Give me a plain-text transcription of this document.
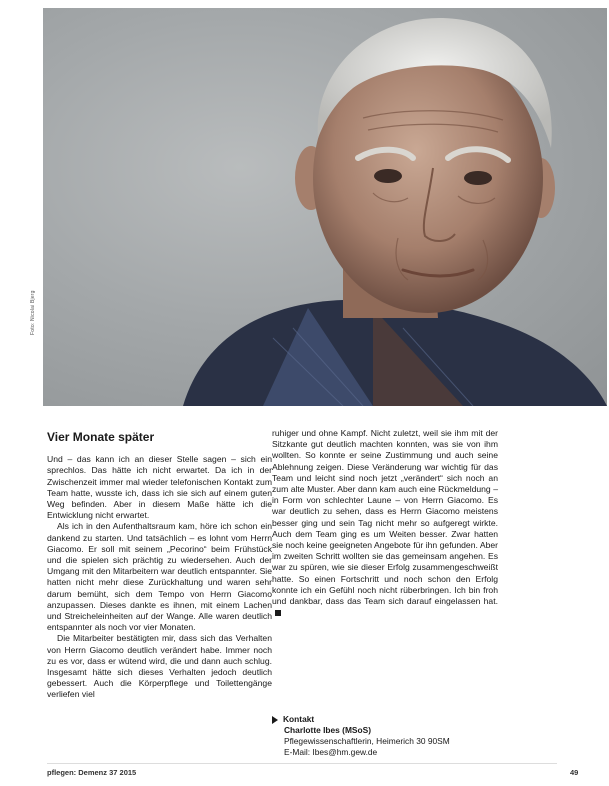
Foto: Nicolai Bjerg
Vier Monate später

Und – das kann ich an dieser Stelle sagen – sich ein sprechlos. Das hätte ich nicht erwartet. Da ich in der Zwischenzeit immer mal wieder telefonischen Kontakt zum Team hatte, wusste ich, dass ich sie sich auf einem guten Weg befinden. Aber in diesem Maße hätte ich die Entwicklung nicht erwartet.

Als ich in den Aufenthaltsraum kam, höre ich schon ein dankend zu starten. Und tatsächlich – es lohnt vom Herrn Giacomo. Er soll mit seinem „Pecorino“ beim Frühstück und die spielen sich prächtig zu wiedersehen. Auch der Umgang mit den Mitarbeitern war deutlich entspannter. Sie hatten nicht mehr diese Zurückhaltung und waren sehr darum bemüht, sich dem Tempo von Herrn Giacomo anzupassen. Dieses dankte es ihnen, mit einem Lachen und Streicheleinheiten auf der Wange. Alle waren deutlich entspannter als noch vor vier Monaten.

Die Mitarbeiter bestätigten mir, dass sich das Verhalten von Herrn Giacomo deutlich verändert habe. Immer noch zu es vor, dass er wütend wird, die und dann auch schlug. Insgesamt hätte sich dieses Verhalten jedoch deutlich gebessert. Auch die Körperpflege und Toilettengänge verliefen viel

ruhiger und ohne Kampf. Nicht zuletzt, weil sie ihm mit der Sitzkante gut deutlich machten konnten, was sie von ihm wollten. So konnte er seine Zustimmung und auch seine Ablehnung zeigen. Diese Veränderung war wichtig für das Team und leicht sind noch jetzt „verändert“ sich noch an zum alte Muster. Aber dann kam auch eine Rückmeldung – in Form von schlechter Laune – von Herrn Giacomo. Es war deutlich zu sehen, dass es Herrn Giacomo meistens besser ging und sein Tag nicht mehr so aufgeregt wirkte. Auch dem Team ging es um Weiten besser. Zwar hatten sie noch keine geeigneten Angebote für ihn gefunden. Aber im zweiten Schritt wollten sie das gemeinsam angehen. Es war zu spüren, wie sie dieser Erfolg zusammengeschweißt hatte. So einen Fortschritt und noch schon den Erfolg konnte ich ein Gefühl noch nicht rüberbringen. Ich bin froh und dankbar, dass das Team sich darauf eingelassen hat.

Kontakt
Charlotte Ibes (MSoS)
Pflegewissenschaftlerin, Heimerich 30 90SM
E-Mail: Ibes@hm.gew.de
pflegen: Demenz 37 2015	49
